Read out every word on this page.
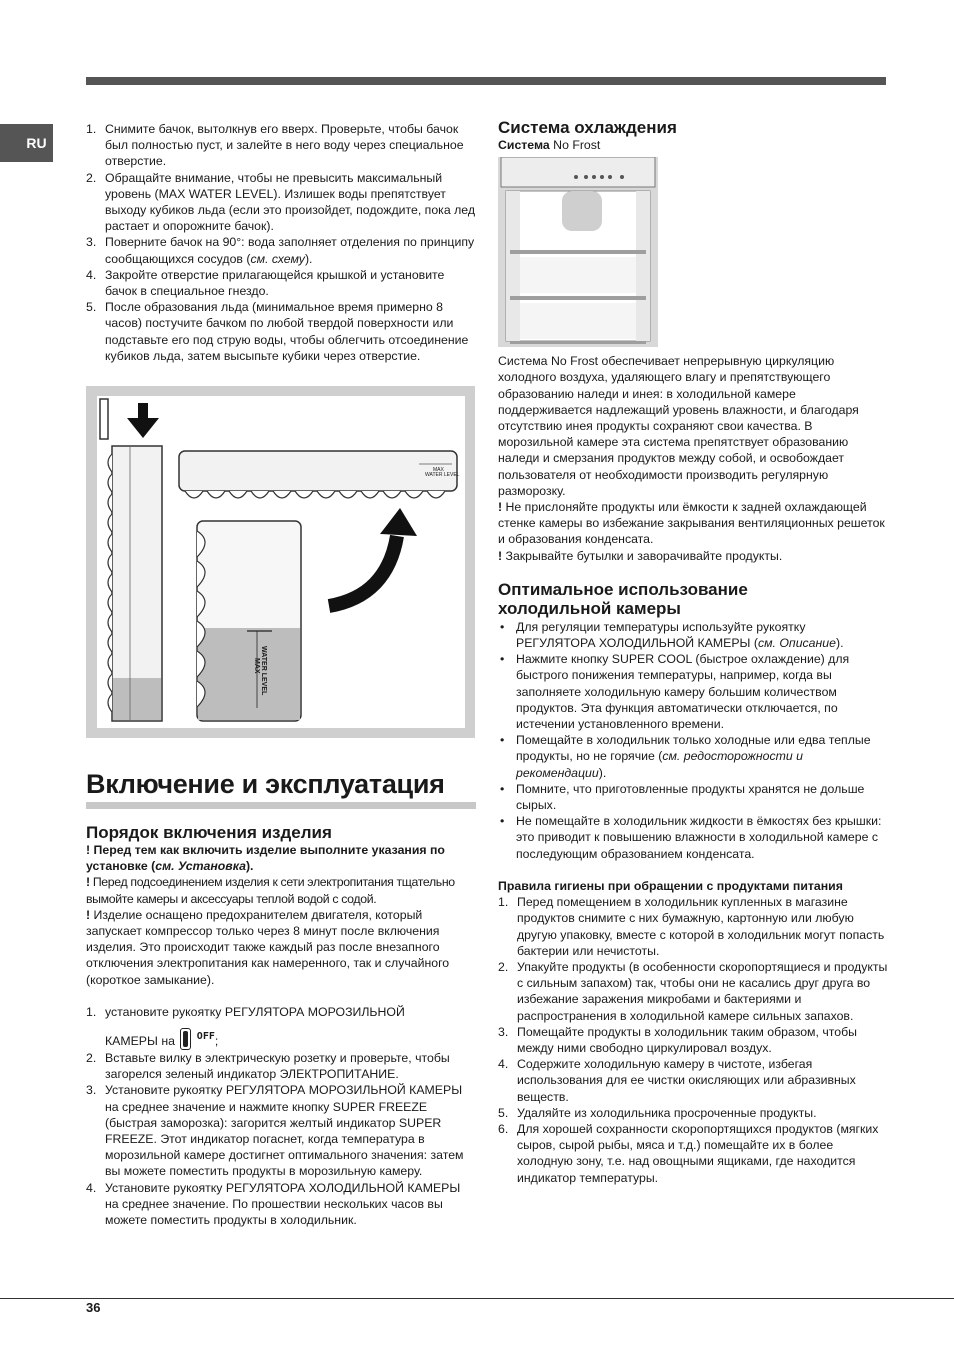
RU
1. Снимите бачок, вытолкнув его вверх. Проверьте, чтобы бачок был полностью пуст, и залейте в него воду через специальное отверстие.
2. Обращайте внимание, чтобы не превысить максимальный уровень (MAX WATER LEVEL). Излишек воды препятствует выходу кубиков льда (если это произойдет, подождите, пока лед растает и опорожните бачок).
3. Поверните бачок на 90°: вода заполняет отделения по принципу сообщающихся сосудов (см. схему).
4. Закройте отверстие прилагающейся крышкой и установите бачок в специальное гнездо.
5. После образования льда (минимальное время примерно 8 часов) постучите бачком по любой твердой поверхности или подставьте его под струю воды, чтобы облегчить отсоединение кубиков льда, затем высыпьте кубики через отверстие.
MAX
WATER LEVEL
MAX WATER LEVEL
Включение и эксплуатация
Порядок включения изделия

! Перед тем как включить изделие выполните указания по установке (см. Установка).

! Перед подсоединением изделия к сети электропитания тщательно вымойте камеры и аксессуары теплой водой с содой.

! Изделие оснащено предохранителем двигателя, который запускает компрессор только через 8 минут после включения изделия. Это происходит также каждый раз после внезапного отключения электропитания как намеренного, так и случайного (короткое замыкание).

1. установите рукоятку РЕГУЛЯТОРА МОРОЗИЛЬНОЙ
КАМЕРЫ на $^{OFF}$;
2. Вставьте вилку в электрическую розетку и проверьте, чтобы загорелся зеленый индикатор ЭЛЕКТРОПИТАНИЕ.
3. Установите рукоятку РЕГУЛЯТОРА МОРОЗИЛЬНОЙ КАМЕРЫ на среднее значение и нажмите кнопку SUPER FREEZE (быстрая заморозка): загорится желтый индикатор SUPER FREEZE. Этот индикатор погаснет, когда температура в морозильной камере достигнет оптимального значения: затем вы можете поместить продукты в морозильную камеру.
4. Установите рукоятку РЕГУЛЯТОРА ХОЛОДИЛЬНОЙ КАМЕРЫ на среднее значение. По прошествии нескольких часов вы можете поместить продукты в холодильник.
Система охлаждения

Система No Frost

Система No Frost обеспечивает непрерывную циркуляцию холодного воздуха, удаляющего влагу и препятствующего образованию наледи и инея: в холодильной камере поддерживается надлежащий уровень влажности, и благодаря отсутствию инея продукты сохраняют свои качества. В морозильной камере эта система препятствует образованию наледи и смерзания продуктов между собой, и освобождает пользователя от необходимости производить регулярную разморозку.

! Не прислоняйте продукты или ёмкости к задней охлаждающей стенке камеры во избежание закрывания вентиляционных решеток и образования конденсата.

! Закрывайте бутылки и заворачивайте продукты.

Оптимальное использование
холодильной камеры
• Для регуляции температуры используйте рукоятку РЕГУЛЯТОРА ХОЛОДИЛЬНОЙ КАМЕРЫ (см. Описание).
• Нажмите кнопку SUPER COOL (быстрое охлаждение) для быстрого понижения температуры, например, когда вы заполняете холодильную камеру большим количеством продуктов. Эта функция автоматически отключается, по истечении установленного времени.
• Помещайте в холодильник только холодные или едва теплые продукты, но не горячие (см. редосторожности и рекомендации).
• Помните, что приготовленные продукты хранятся не дольше сырых.
• Не помещайте в холодильник жидкости в ёмкостях без крышки: это приводит к повышению влажности в холодильной камере с последующим образованием конденсата.

Правила гигиены при обращении с продуктами питания

1. Перед помещением в холодильник купленных в магазине продуктов снимите с них бумажную, картонную или любую другую упаковку, вместе с которой в холодильник могут попасть бактерии или нечистоты.
2. Упакуйте продукты (в особенности скоропортящиеся и продукты с сильным запахом) так, чтобы они не касались друг друга во избежание заражения микробами и бактериями и распространения в холодильной камере сильных запахов.
3. Помещайте продукты в холодильник таким образом, чтобы между ними свободно циркулировал воздух.
4. Содержите холодильную камеру в чистоте, избегая использования для ее чистки окисляющих или абразивных веществ.
5. Удаляйте из холодильника просроченные продукты.
6. Для хорошей сохранности скоропортящихся продуктов (мягких сыров, сырой рыбы, мяса и т.д.) помещайте их в более холодную зону, т.е. над овощными ящиками, где находится индикатор температуры.
36
